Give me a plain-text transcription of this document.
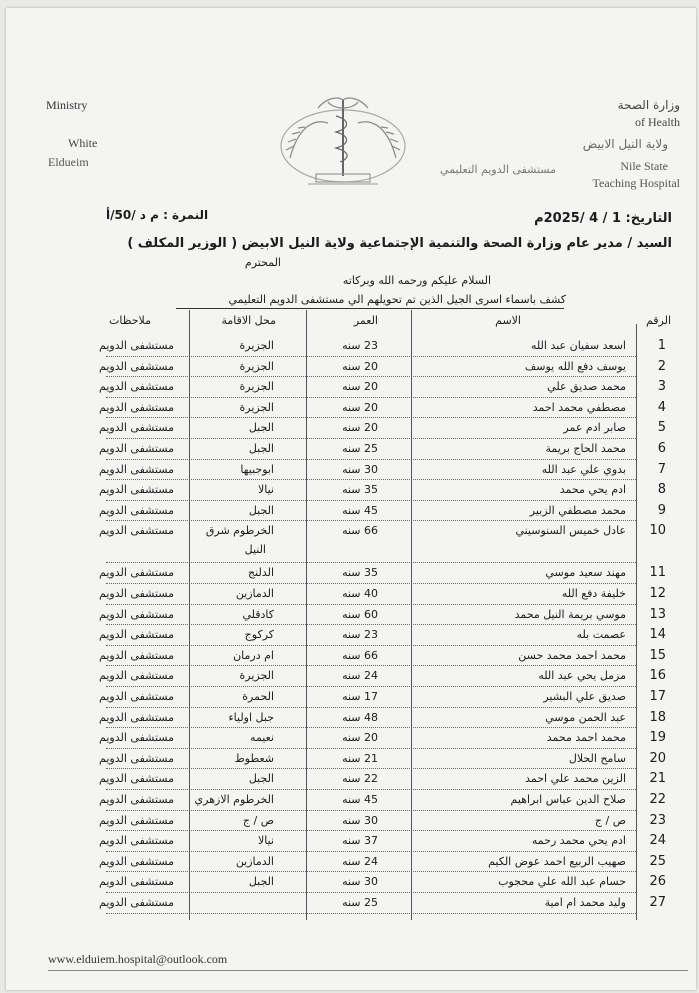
Ministry
White
Eldueim
وزارة الصحة
of Health
ولاية النيل الابيض
مستشفى الدويم التعليمي	Nile State
Teaching Hospital
التاريخ: 1 / 4 /2025م
النمرة : م د /50/أ
السيد / مدير عام وزارة الصحة والتنمية الإجتماعية ولاية النيل الابيض ( الوزير المكلف )
المحترم
السلام عليكم ورحمه الله وبركاته
كشف باسماء اسرى الجيل الذين تم تحويلهم الي مستشفى الدويم التعليمي
الرقم
الاسم
العمر
محل الاقامة
ملاحظات
1
اسعد سفيان عبد الله
23 سنه
الجزيرة
مستشفى الدويم
2
يوسف دفع الله يوسف
20 سنه
الجزيرة
مستشفى الدويم
3
محمد صديق علي
20 سنه
الجزيرة
مستشفى الدويم
4
مصطفي محمد احمد
20 سنه
الجزيرة
مستشفى الدويم
5
صابر ادم عمر
20 سنه
الجبل
مستشفى الدويم
6
محمد الحاج بريمة
25 سنه
الجبل
مستشفى الدويم
7
بدوي علي عبد الله
30 سنه
ابوجبيها
مستشفى الدويم
8
ادم يحي محمد
35 سنه
نيالا
مستشفى الدويم
9
محمد مصطفي الزبير
45 سنه
الجبل
مستشفى الدويم
10
عادل خميس السنوسيني
66 سنه
الخرطوم شرق
النيل
مستشفى الدويم
11
مهند سعيد موسي
35 سنه
الدلنج
مستشفى الدويم
12
خليفة دفع الله
40 سنه
الدمازين
مستشفى الدويم
13
موسي بريمة النيل محمد
60 سنه
كادقلي
مستشفى الدويم
14
عصمت بله
23 سنه
كركوج
مستشفى الدويم
15
محمد احمد محمد حسن
66 سنه
ام درمان
مستشفى الدويم
16
مزمل يحي عبد الله
24 سنه
الجزيرة
مستشفى الدويم
17
صديق علي البشير
17 سنه
الحمرة
مستشفى الدويم
18
عبد الحمن موسي
48 سنه
جبل اولياء
مستشفى الدويم
19
محمد احمد محمد
20 سنه
نعيمه
مستشفى الدويم
20
سامح الحلال
21 سنه
شعطوط
مستشفى الدويم
21
الزين محمد علي احمد
22 سنه
الجبل
مستشفى الدويم
22
صلاح الدين عباس ابراهيم
45 سنه
الخرطوم الازهري
مستشفى الدويم
23
ص / ج
30 سنه
ص / ج
مستشفى الدويم
24
ادم يحي محمد رحمه
37 سنه
نيالا
مستشفى الدويم
25
صهيب الربيع احمد عوض الكيم
24 سنه
الدمازين
مستشفى الدويم
26
حسام عبد الله علي محجوب
30 سنه
الجبل
مستشفى الدويم
27
وليد محمد ام امية
25 سنه
مستشفى الدويم
www.elduiem.hospital@outlook.com
